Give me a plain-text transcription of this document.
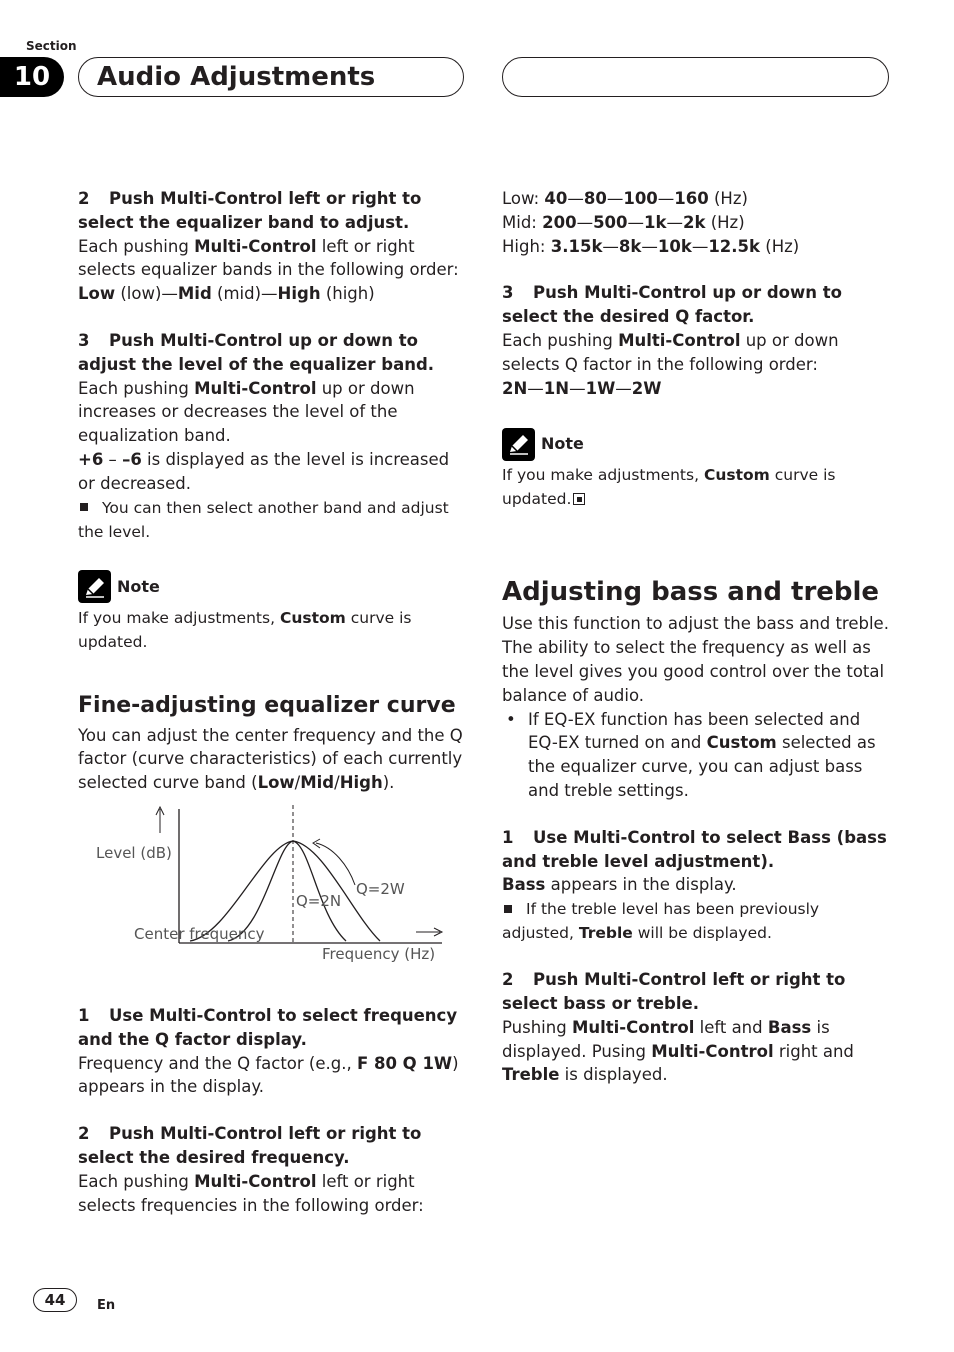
Section
10	Audio Adjustments
2 Push Multi-Control left or right to select the equalizer band to adjust.
Each pushing Multi-Control left or right selects equalizer bands in the following order:
Low (low)—Mid (mid)—High (high)
3 Push Multi-Control up or down to adjust the level of the equalizer band.
Each pushing Multi-Control up or down increases or decreases the level of the equalization band.
+6 – –6 is displayed as the level is increased or decreased.
You can then select another band and adjust the level.
Note
If you make adjustments, Custom curve is updated.
Fine-adjusting equalizer curve
You can adjust the center frequency and the Q factor (curve characteristics) of each currently selected curve band (Low/Mid/High).
Level (dB)
Q=2W
Q=2N
Center frequency
Frequency (Hz)
1 Use Multi-Control to select frequency and the Q factor display.
Frequency and the Q factor (e.g., F 80 Q 1W) appears in the display.
2 Push Multi-Control left or right to select the desired frequency.
Each pushing Multi-Control left or right selects frequencies in the following order:
Low: 40—80—100—160 (Hz)
Mid: 200—500—1k—2k (Hz)
High: 3.15k—8k—10k—12.5k (Hz)
3 Push Multi-Control up or down to select the desired Q factor.
Each pushing Multi-Control up or down selects Q factor in the following order:
2N—1N—1W—2W
Note
If you make adjustments, Custom curve is updated.
Adjusting bass and treble
Use this function to adjust the bass and treble. The ability to select the frequency as well as the level gives you good control over the total balance of audio.
• If EQ-EX function has been selected and EQ-EX turned on and Custom selected as the equalizer curve, you can adjust bass and treble settings.
1 Use Multi-Control to select Bass (bass and treble level adjustment).
Bass appears in the display.
If the treble level has been previously adjusted, Treble will be displayed.
2 Push Multi-Control left or right to select bass or treble.
Pushing Multi-Control left and Bass is displayed. Pusing Multi-Control right and Treble is displayed.
44	En
